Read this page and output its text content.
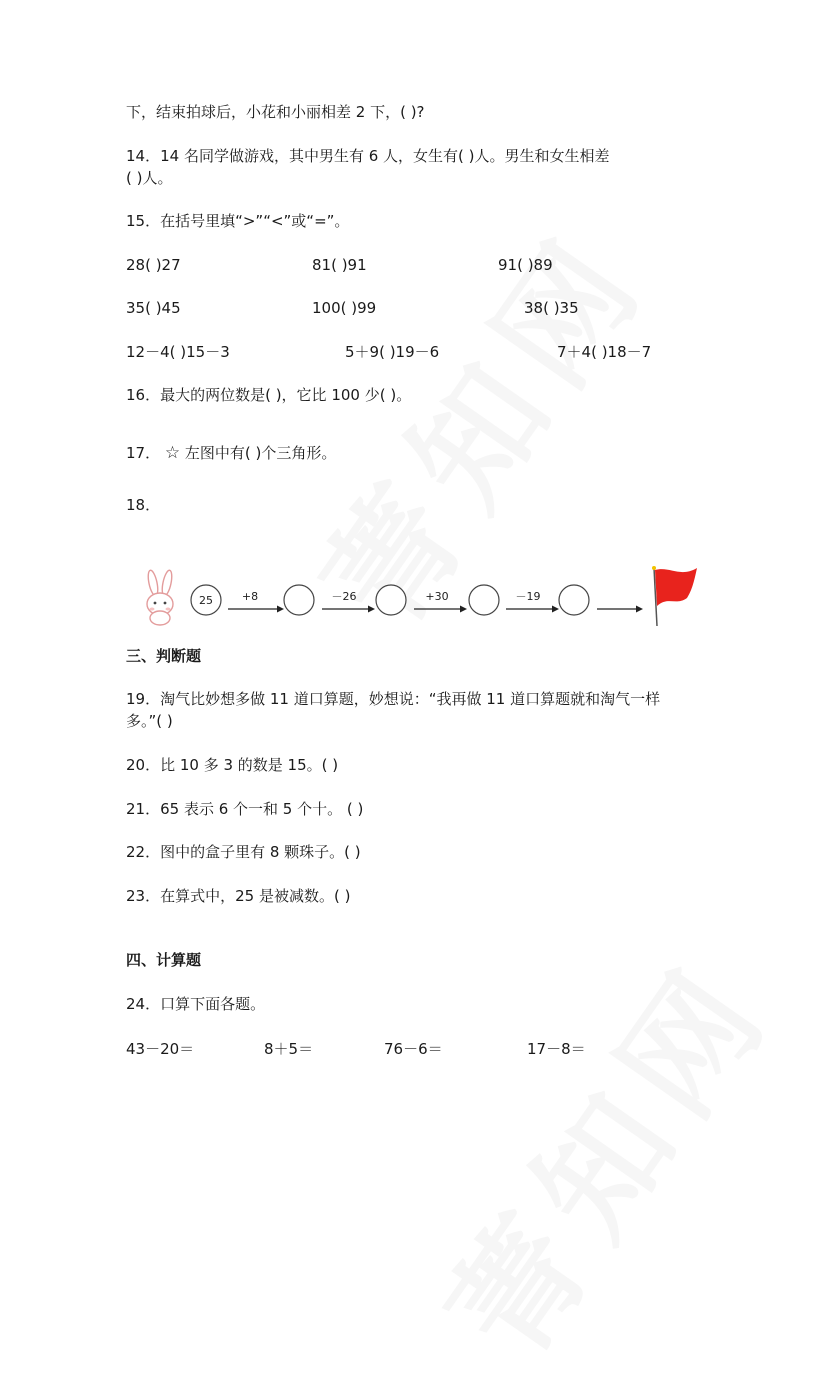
下，结束拍球后，小花和小丽相差 2 下，( )?
14．14 名同学做游戏，其中男生有 6 人，女生有( )人。男生和女生相差
( )人。
15．在括号里填“>”“<”或“=”。
28( )27	81( )91	91( )89
35( )45	100( )99	38( )35
12－4( )15－3	5＋9( )19－6	7＋4( )18－7
16．最大的两位数是( )，它比 100 少( )。
17． ☆ 左图中有( )个三角形。
18．
25	+8	－26	+30	－19
三、判断题
19．淘气比妙想多做 11 道口算题，妙想说：“我再做 11 道口算题就和淘气一样
多。”( )
20．比 10 多 3 的数是 15。( )
21．65 表示 6 个一和 5 个十。 ( )
22．图中的盒子里有 8 颗珠子。( )
23．在算式中，25 是被减数。( )
四、计算题
24．口算下面各题。
43－20＝	8＋5＝	76－6＝	17－8＝
